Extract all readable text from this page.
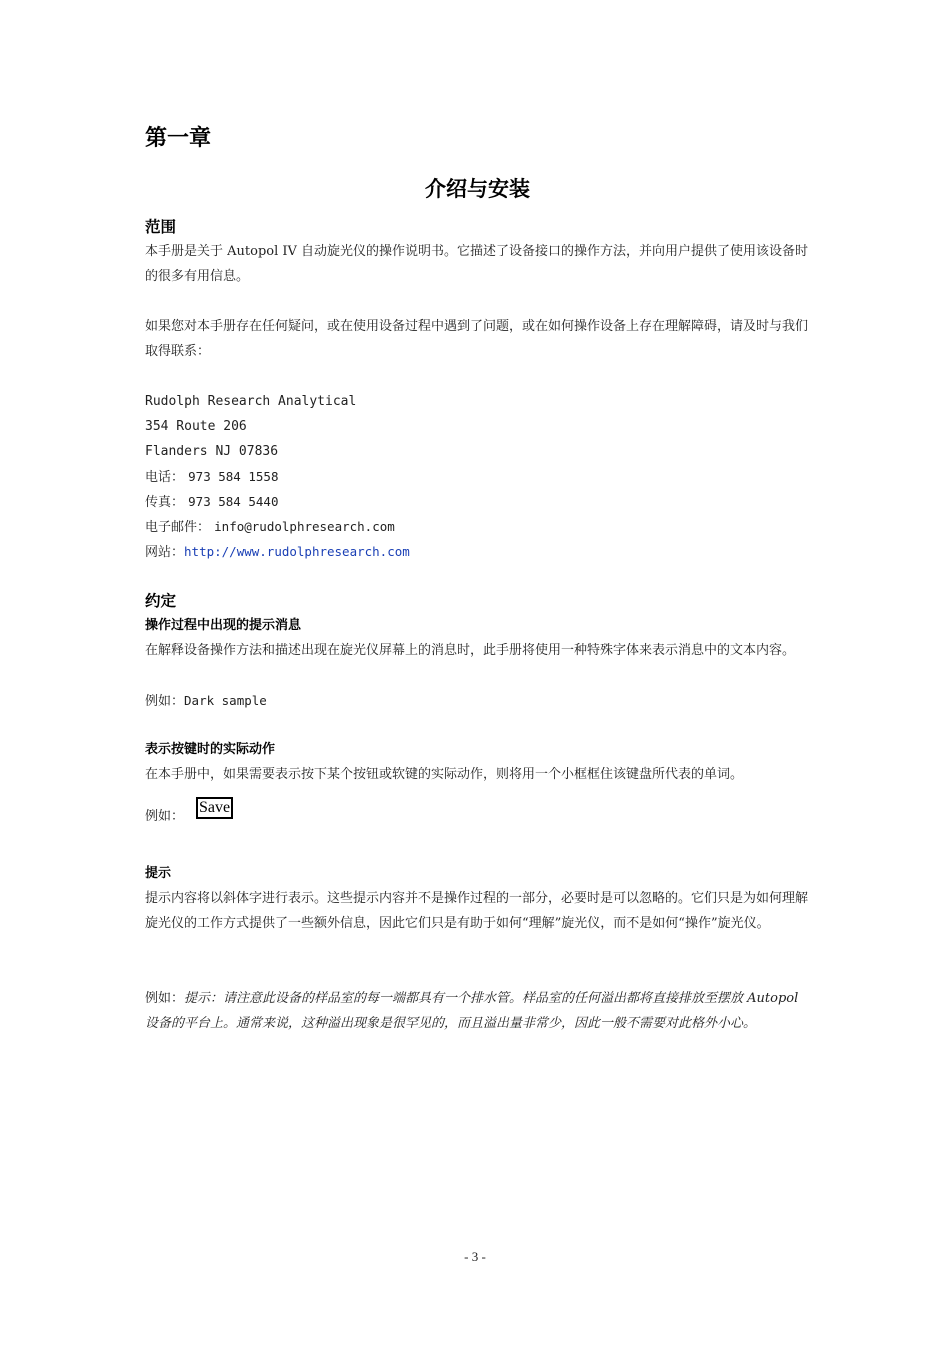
第一章
介绍与安装
范围

本手册是关于 Autopol IV 自动旋光仪的操作说明书。它描述了设备接口的操作方法，并向用户提供了使用该设备时的很多有用信息。

如果您对本手册存在任何疑问，或在使用设备过程中遇到了问题，或在如何操作设备上存在理解障碍，请及时与我们取得联系：

Rudolph Research Analytical

354 Route 206

Flanders NJ 07836

电话： 973 584 1558

传真： 973 584 5440

电子邮件： info@rudolphresearch.com

网站：http://www.rudolphresearch.com

约定
操作过程中出现的提示消息

在解释设备操作方法和描述出现在旋光仪屏幕上的消息时，此手册将使用一种特殊字体来表示消息中的文本内容。

例如：Dark sample

表示按键时的实际动作

在本手册中，如果需要表示按下某个按钮或软键的实际动作，则将用一个小框框住该键盘所代表的单词。

例如：Save

提示

提示内容将以斜体字进行表示。这些提示内容并不是操作过程的一部分，必要时是可以忽略的。它们只是为如何理解旋光仪的工作方式提供了一些额外信息，因此它们只是有助于如何“理解”旋光仪，而不是如何“操作”旋光仪。

例如：提示：请注意此设备的样品室的每一端都具有一个排水管。样品室的任何溢出都将直接排放至摆放 Autopol 设备的平台上。通常来说，这种溢出现象是很罕见的，而且溢出量非常少，因此一般不需要对此格外小心。

- 3 -
